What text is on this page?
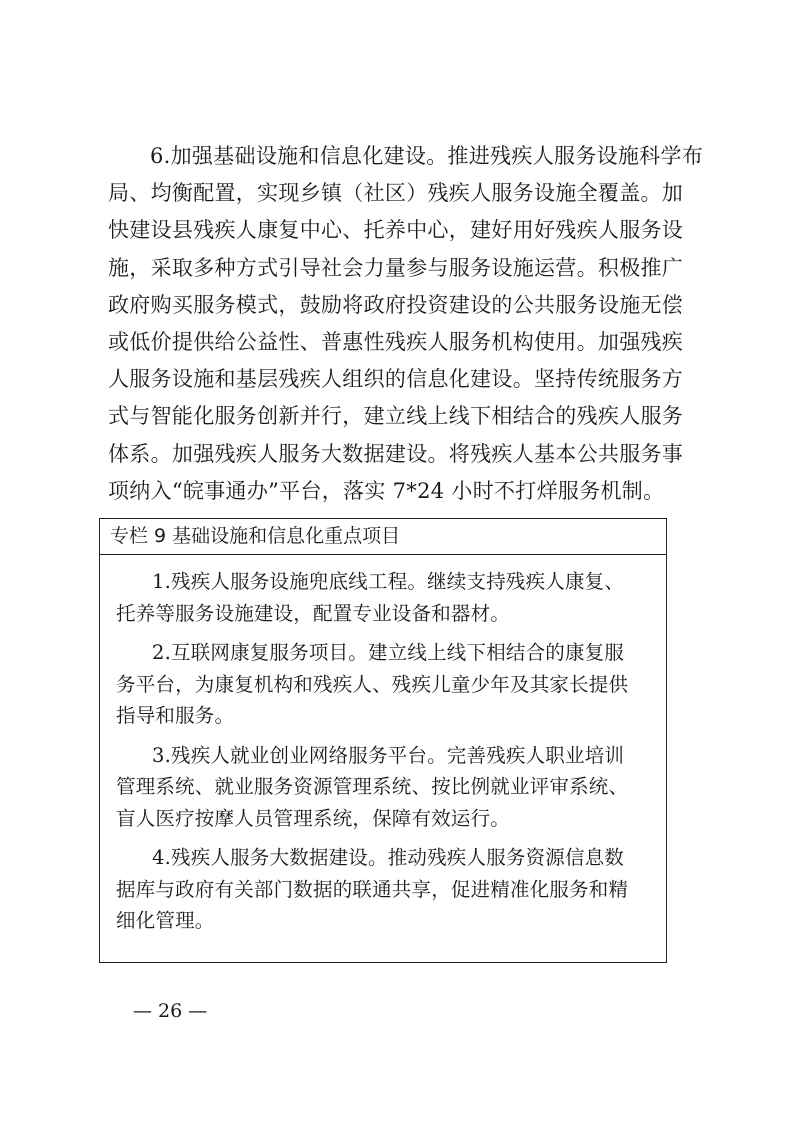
6.加强基础设施和信息化建设。推进残疾人服务设施科学布
局、均衡配置，实现乡镇（社区）残疾人服务设施全覆盖。加
快建设县残疾人康复中心、托养中心，建好用好残疾人服务设
施，采取多种方式引导社会力量参与服务设施运营。积极推广
政府购买服务模式，鼓励将政府投资建设的公共服务设施无偿
或低价提供给公益性、普惠性残疾人服务机构使用。加强残疾
人服务设施和基层残疾人组织的信息化建设。坚持传统服务方
式与智能化服务创新并行，建立线上线下相结合的残疾人服务
体系。加强残疾人服务大数据建设。将残疾人基本公共服务事
项纳入“皖事通办”平台，落实 7*24 小时不打烊服务机制。
专栏 9 基础设施和信息化重点项目
1.残疾人服务设施兜底线工程。继续支持残疾人康复、
托养等服务设施建设，配置专业设备和器材。
2.互联网康复服务项目。建立线上线下相结合的康复服
务平台，为康复机构和残疾人、残疾儿童少年及其家长提供
指导和服务。
3.残疾人就业创业网络服务平台。完善残疾人职业培训
管理系统、就业服务资源管理系统、按比例就业评审系统、
盲人医疗按摩人员管理系统，保障有效运行。
4.残疾人服务大数据建设。推动残疾人服务资源信息数
据库与政府有关部门数据的联通共享，促进精准化服务和精
细化管理。
— 26 —
